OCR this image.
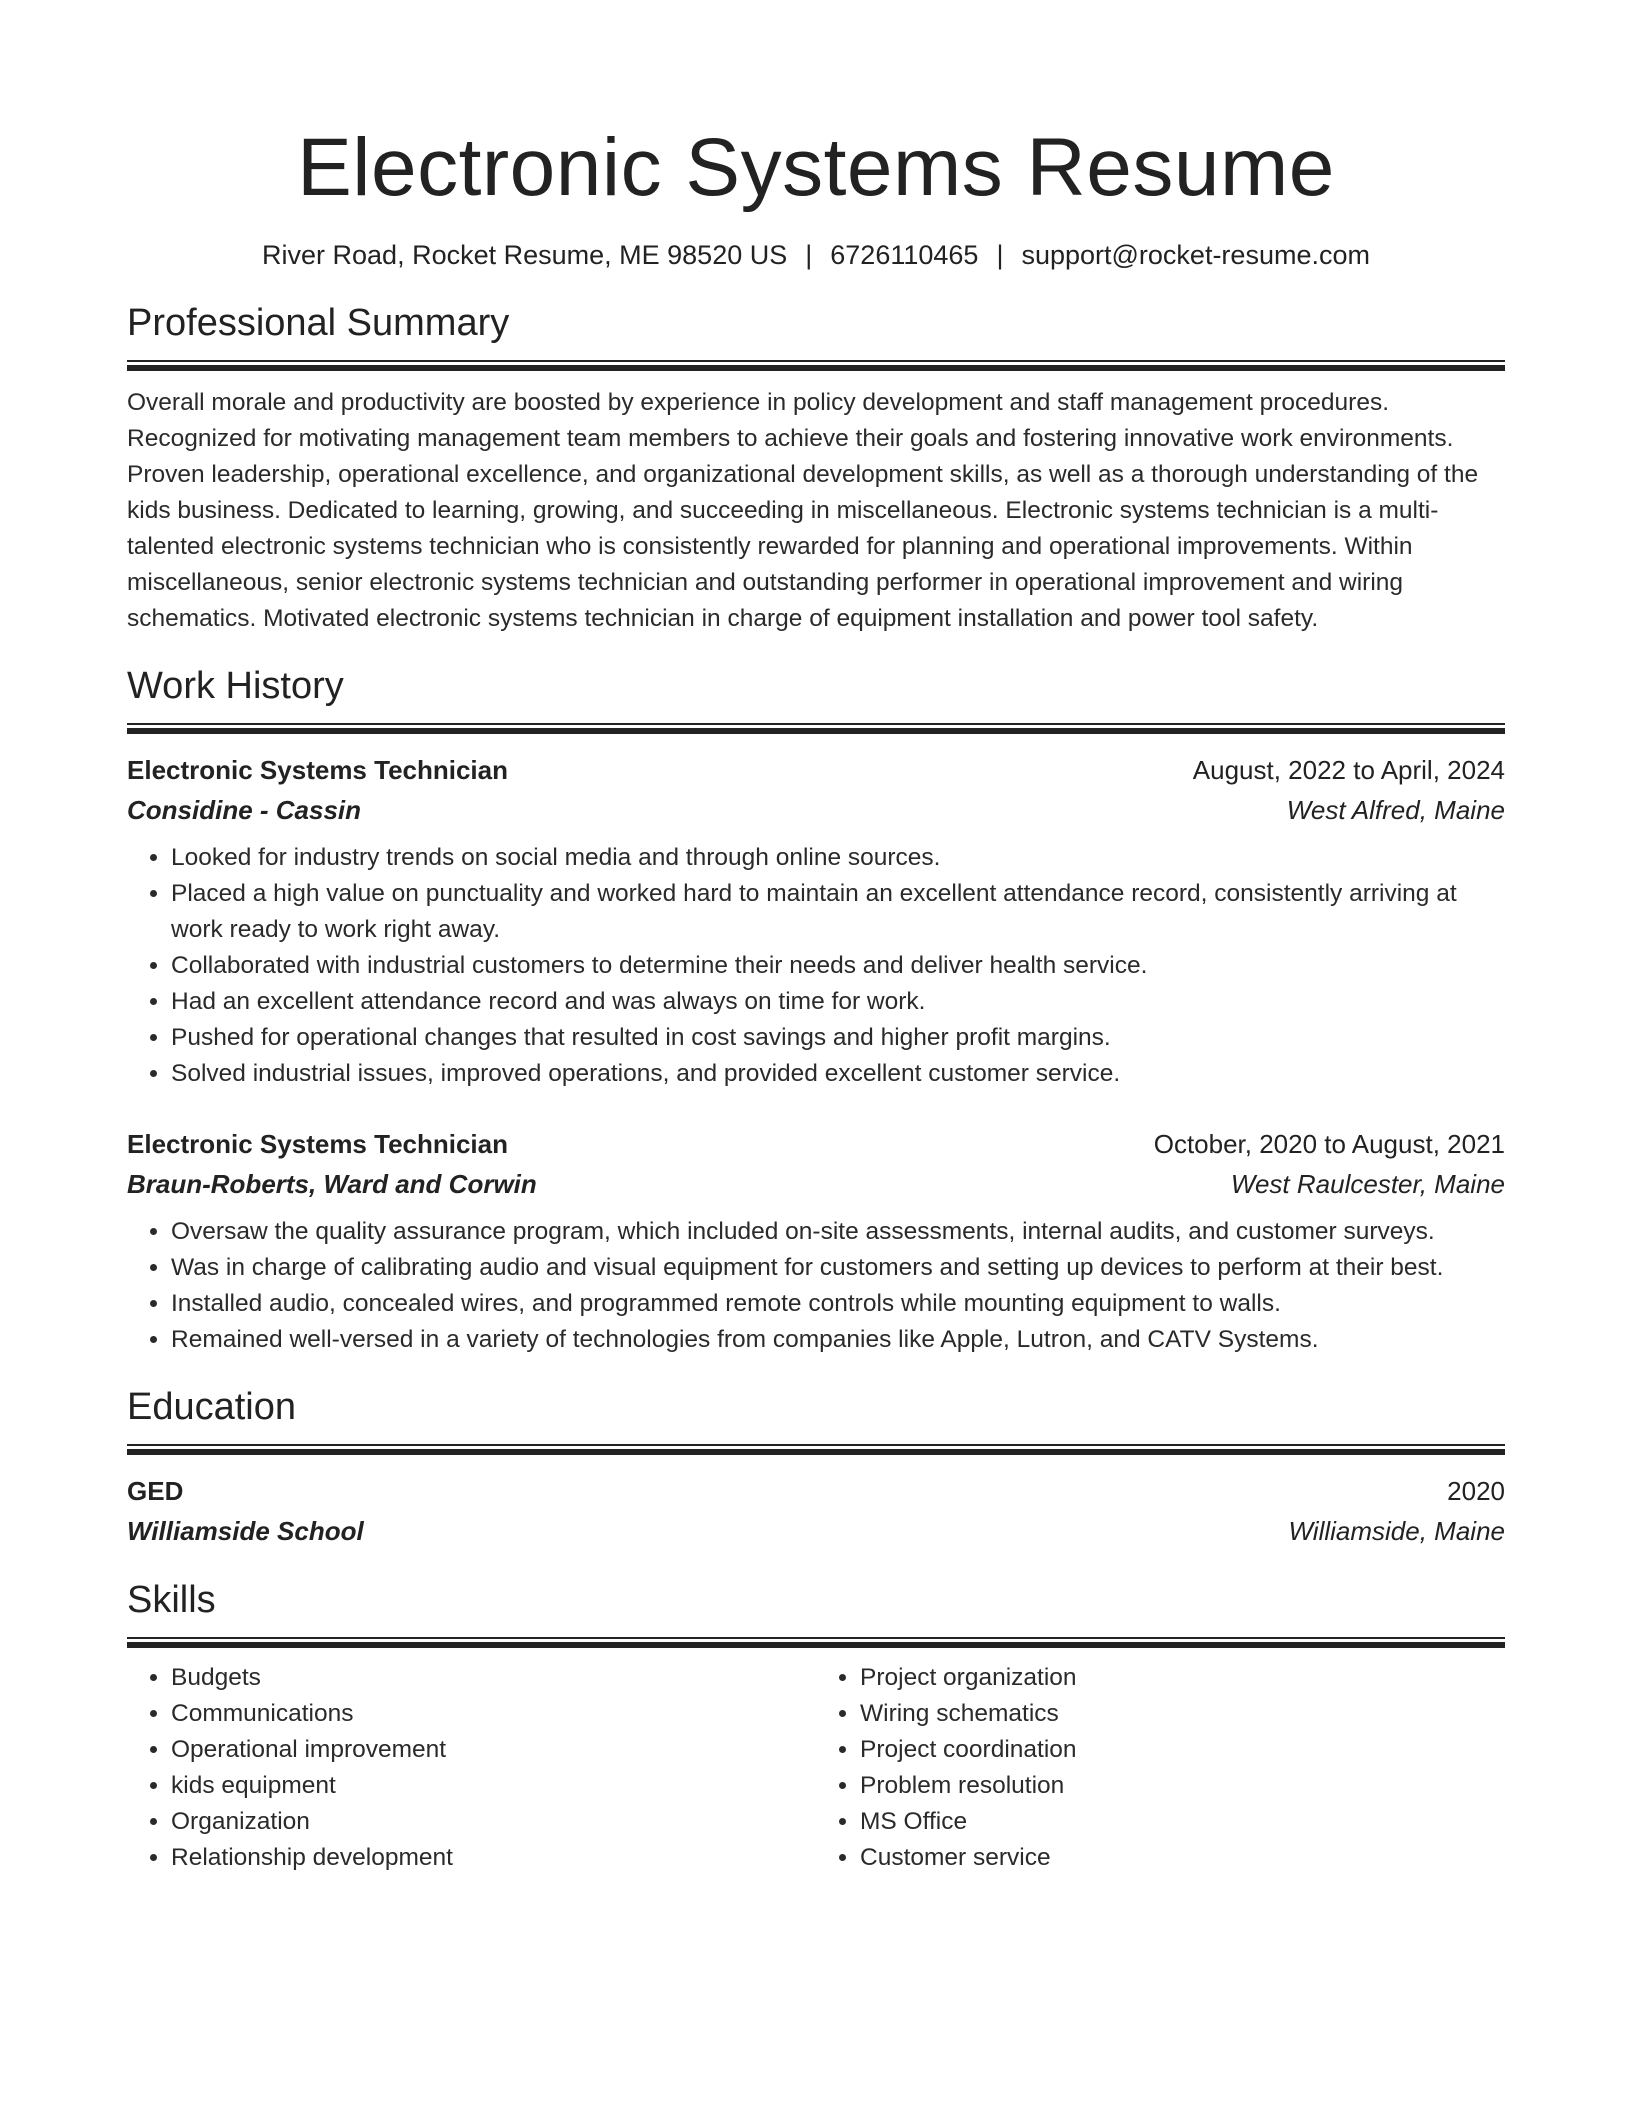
Electronic Systems Resume
River Road, Rocket Resume, ME 98520 US | 6726110465 | support@rocket-resume.com
Professional Summary

Overall morale and productivity are boosted by experience in policy development and staff management procedures. Recognized for motivating management team members to achieve their goals and fostering innovative work environments. Proven leadership, operational excellence, and organizational development skills, as well as a thorough understanding of the kids business. Dedicated to learning, growing, and succeeding in miscellaneous. Electronic systems technician is a multi-talented electronic systems technician who is consistently rewarded for planning and operational improvements. Within miscellaneous, senior electronic systems technician and outstanding performer in operational improvement and wiring schematics. Motivated electronic systems technician in charge of equipment installation and power tool safety.

Work History
Electronic Systems Technician	August, 2022 to April, 2024
Considine - Cassin	West Alfred, Maine
• Looked for industry trends on social media and through online sources.
• Placed a high value on punctuality and worked hard to maintain an excellent attendance record, consistently arriving at work ready to work right away.
• Collaborated with industrial customers to determine their needs and deliver health service.
• Had an excellent attendance record and was always on time for work.
• Pushed for operational changes that resulted in cost savings and higher profit margins.
• Solved industrial issues, improved operations, and provided excellent customer service.
Electronic Systems Technician	October, 2020 to August, 2021
Braun-Roberts, Ward and Corwin	West Raulcester, Maine
• Oversaw the quality assurance program, which included on-site assessments, internal audits, and customer surveys.
• Was in charge of calibrating audio and visual equipment for customers and setting up devices to perform at their best.
• Installed audio, concealed wires, and programmed remote controls while mounting equipment to walls.
• Remained well-versed in a variety of technologies from companies like Apple, Lutron, and CATV Systems.
Education
GED	2020
Williamside School	Williamside, Maine
Skills
• Budgets
• Communications
• Operational improvement
• kids equipment
• Organization
• Relationship development
• Project organization
• Wiring schematics
• Project coordination
• Problem resolution
• MS Office
• Customer service
